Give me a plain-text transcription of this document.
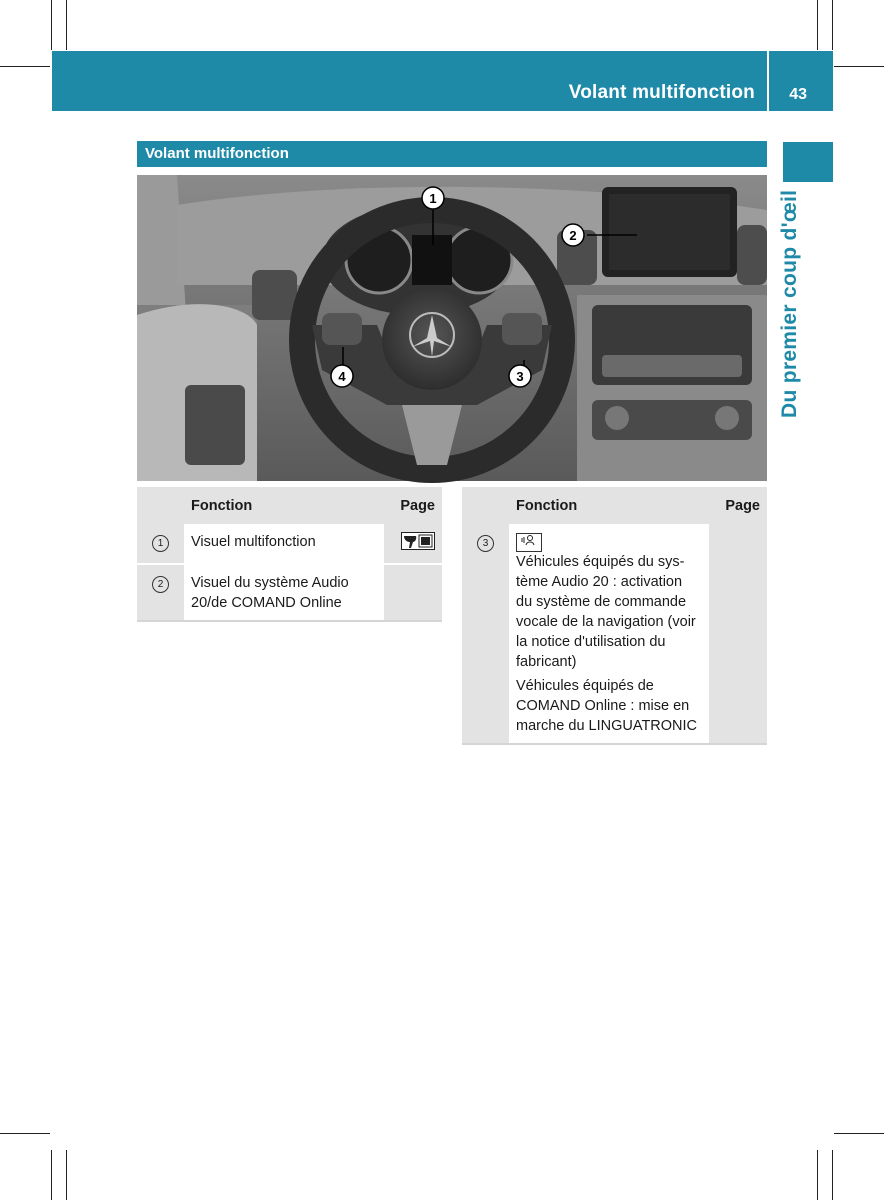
Volant multifonction 43
Du premier coup d'œil
Volant multifonction
1
2
3
4
P46.10-3416-31
	Fonction	Page
1	Visuel multifonction	
2	Visuel du système Audio 20/de COMAND Online	
	Fonction	Page
3	Véhicules équipés du sys-tème Audio 20 : activation du système de commande vocale de la navigation (voir la notice d'utilisation du fabricant)

Véhicules équipés de COMAND Online : mise en marche du LINGUATRONIC	
